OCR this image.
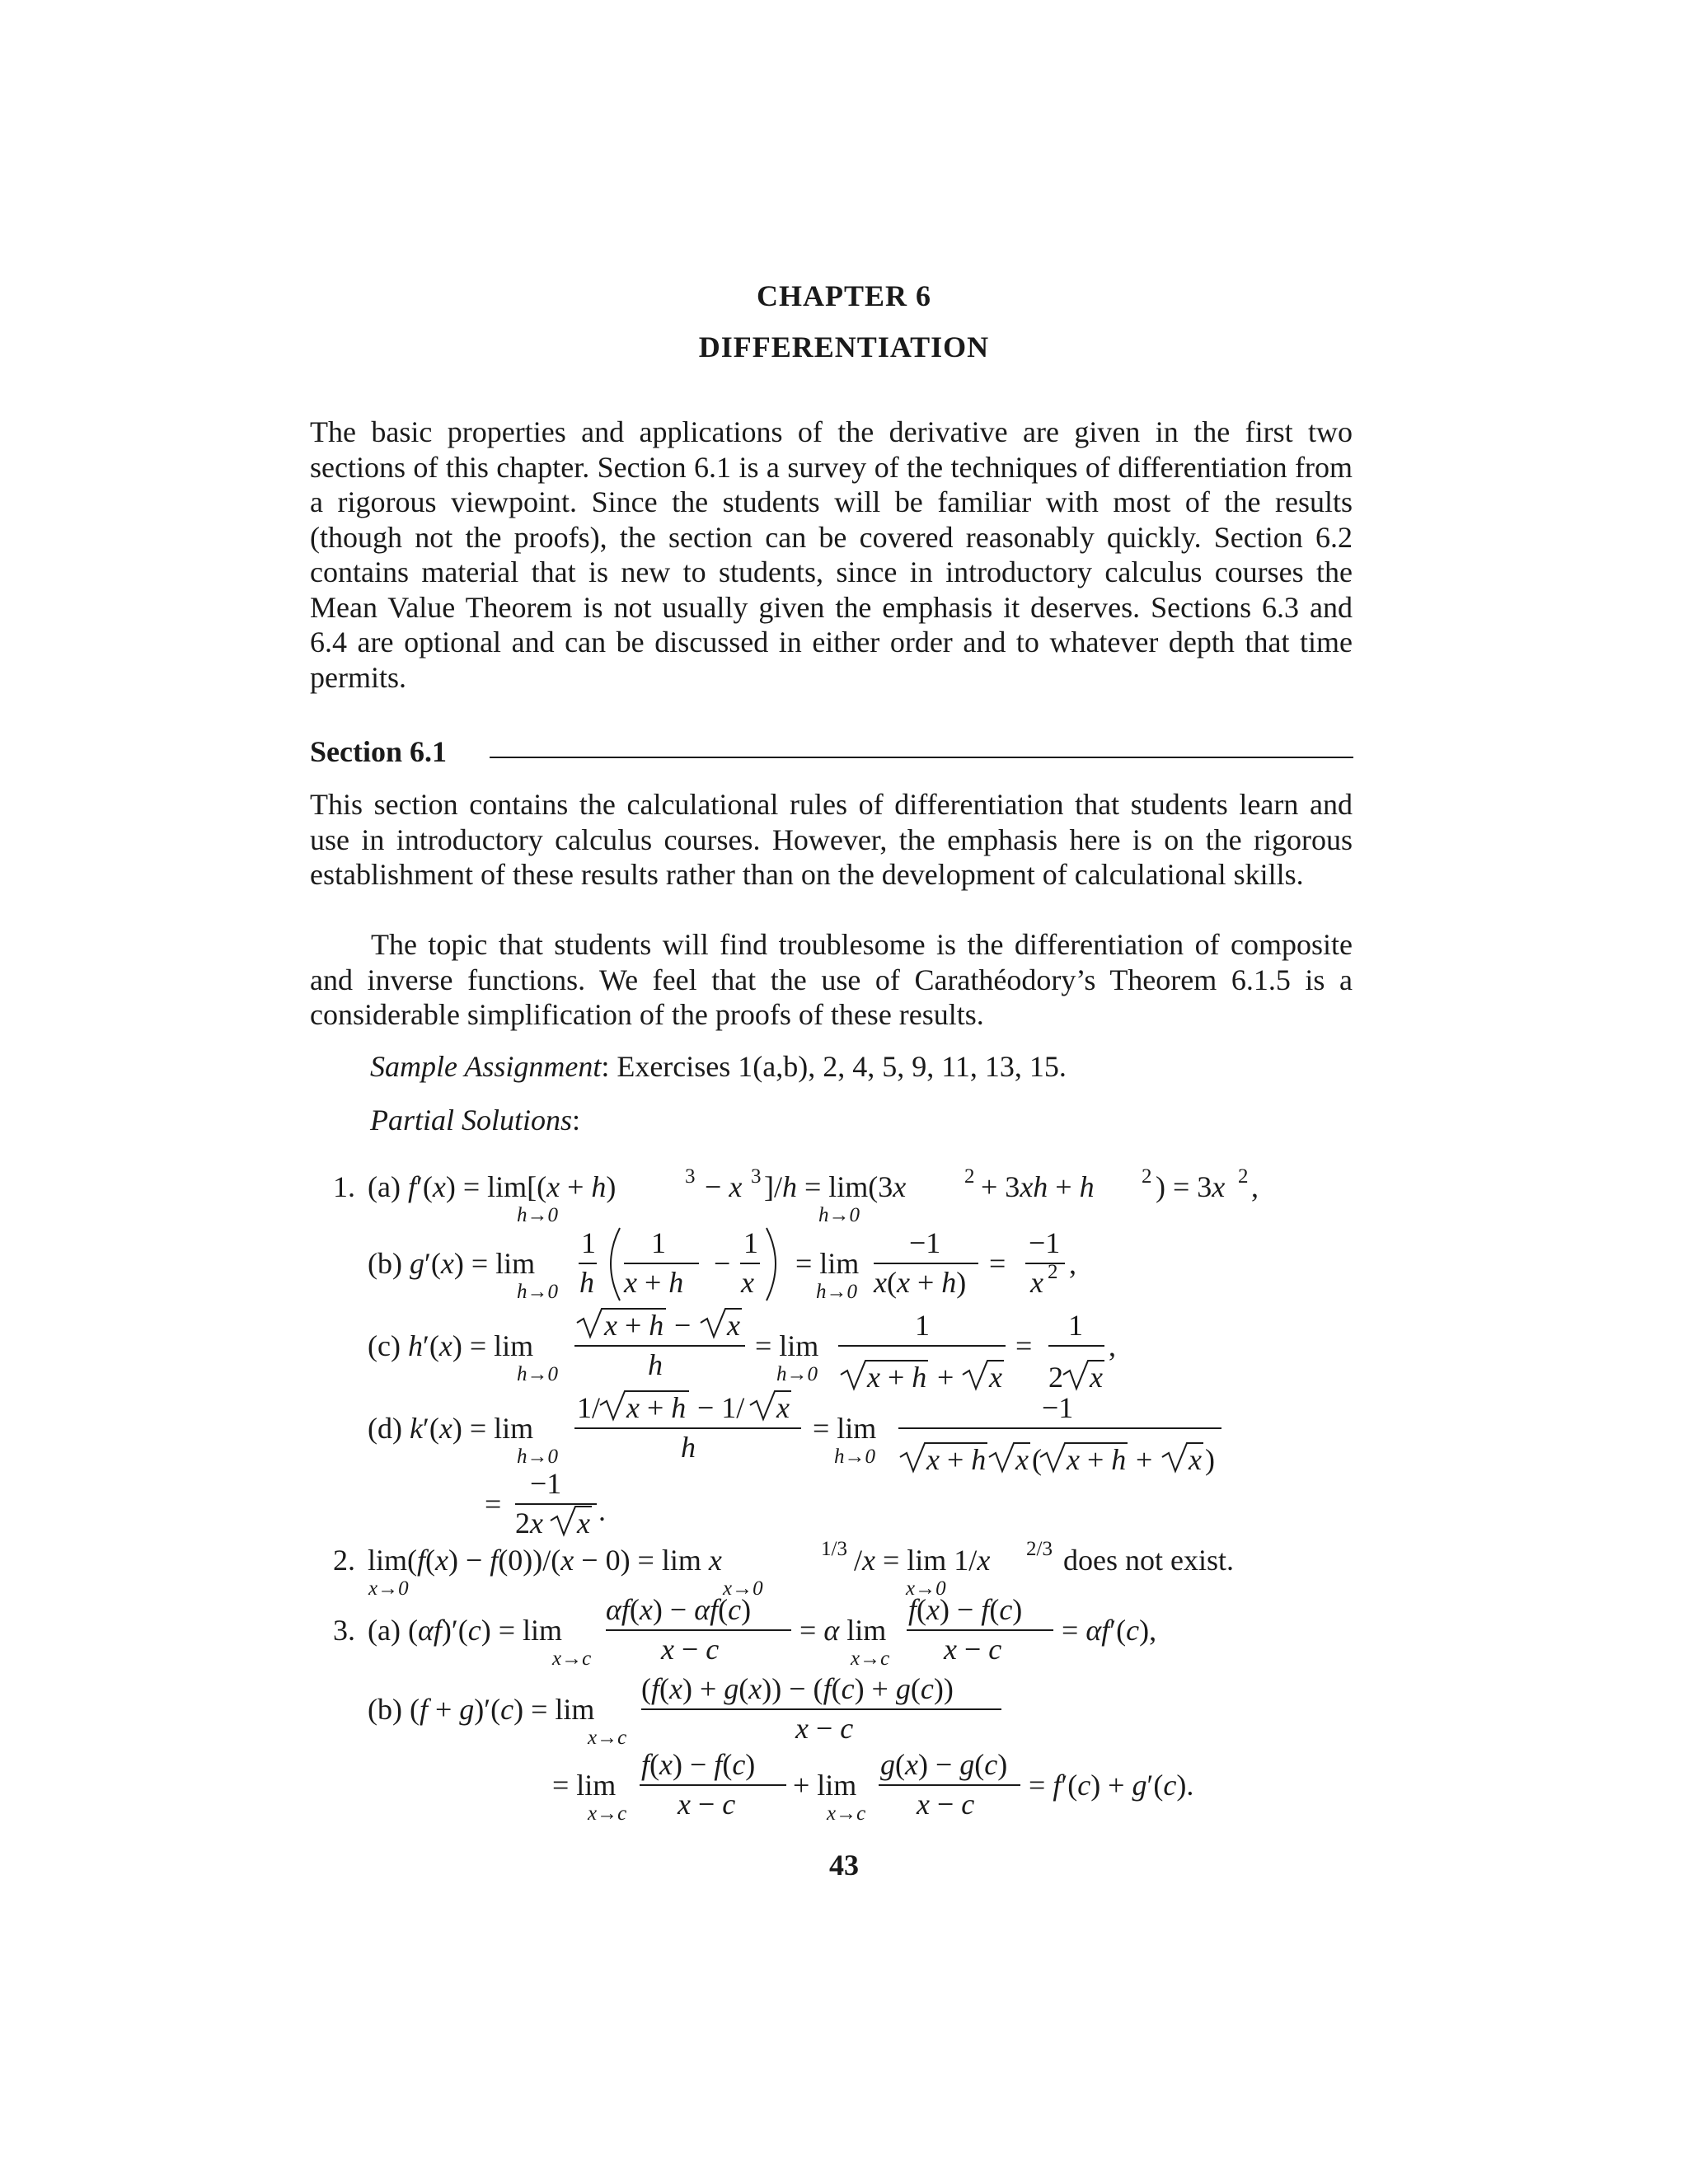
CHAPTER 6
DIFFERENTIATION
The basic properties and applications of the derivative are given in the first two sections of this chapter. Section 6.1 is a survey of the techniques of differentiation from a rigorous viewpoint. Since the students will be familiar with most of the results (though not the proofs), the section can be covered reasonably quickly. Section 6.2 contains material that is new to students, since in introductory calculus courses the Mean Value Theorem is not usually given the emphasis it deserves. Sections 6.3 and 6.4 are optional and can be discussed in either order and to whatever depth that time permits.
Section 6.1
This section contains the calculational rules of differentiation that students learn and use in introductory calculus courses. However, the emphasis here is on the rigorous establishment of these results rather than on the development of calculational skills.
The topic that students will find troublesome is the differentiation of composite and inverse functions. We feel that the use of Carathéodory’s Theorem 6.1.5 is a considerable simplification of the proofs of these results.
Sample Assignment: Exercises 1(a,b), 2, 4, 5, 9, 11, 13, 15.
Partial Solutions:
1. (a) f′(x) = lim[(x + h)	3 − x 3 ]/h = lim(3x	2 + 3xh + h 2 ) = 3x 2 ,
h→0	h→0
(b) g′(x) = lim
h→0
1
h
1
x + h
−
1
x
= lim
h→0
−1
x(x + h)
=
−1
x 2 ,
(c) h′(x) = lim
h→0
x + h − x
h
= lim
h→0
1
x + h + x
=
1
2 x
,
(d) k′(x) = lim
h→0
1/ x + h − 1/ x
h
= lim
h→0
−1
x + h x ( x + h + x )
=
−1
2x x .
2. lim(f(x) − f(0))/(x − 0) = lim x
x→0	x→0
1/3 /x = lim 1/x
x→0
2/3 does not exist.
3. (a) (αf)′(c) = lim
x→c
αf(x) − αf(c)
x − c
= α lim
x→c
f(x) − f(c)
x − c
= αf′(c),
(b) (f + g)′(c) = lim
x→c
(f(x) + g(x)) − (f(c) + g(c))
x − c
= lim
x→c
f(x) − f(c)
x − c
+ lim
x→c
g(x) − g(c)
x − c
= f′(c) + g′(c).
43
